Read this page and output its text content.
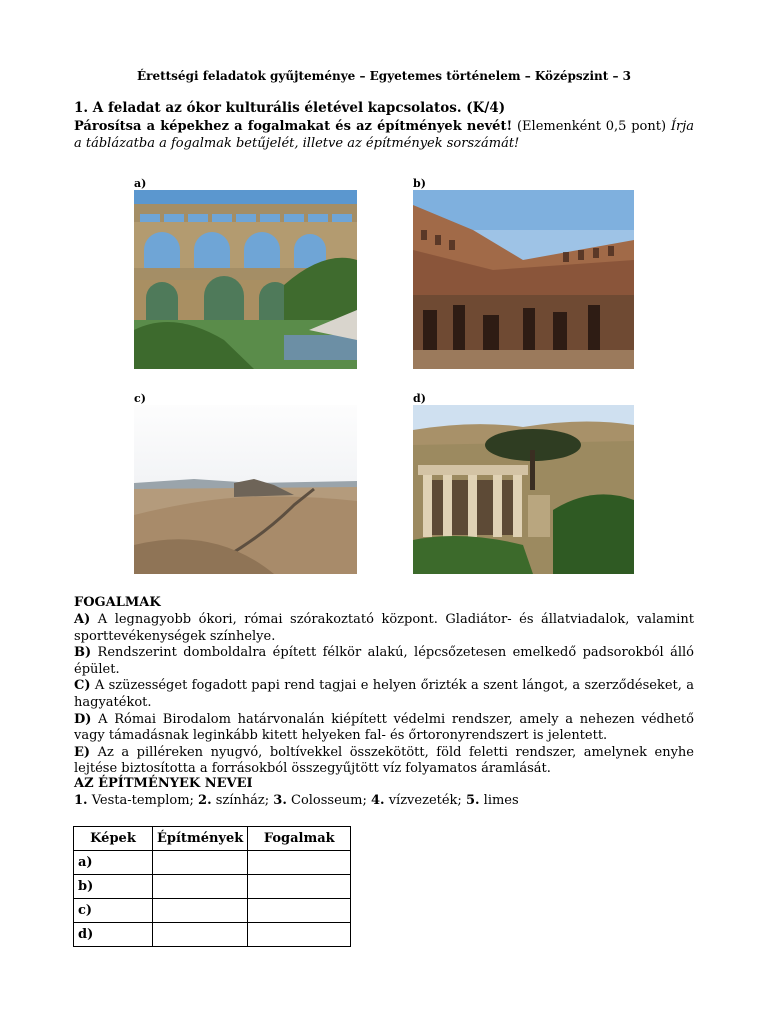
Érettségi feladatok gyűjteménye – Egyetemes történelem – Középszint – 3
1. A feladat az ókor kulturális életével kapcsolatos. (K/4)
Párosítsa a képekhez a fogalmakat és az építmények nevét! (Elemenként 0,5 pont) Írja a táblázatba a fogalmak betűjelét, illetve az építmények sorszámát!
a)	b)
c)	d)
FOGALMAK

A) A legnagyobb ókori, római szórakoztató központ. Gladiátor- és állatviadalok, valamint sporttevékenységek színhelye.

B) Rendszerint domboldalra épített félkör alakú, lépcsőzetesen emelkedő padsorokból álló épület.

C) A szüzességet fogadott papi rend tagjai e helyen őrizték a szent lángot, a szerződéseket, a hagyatékot.

D) A Római Birodalom határvonalán kiépített védelmi rendszer, amely a nehezen védhető vagy támadásnak leginkább kitett helyeken fal- és őrtoronyrendszert is jelentett.

E) Az a pilléreken nyugvó, boltívekkel összekötött, föld feletti rendszer, amelynek enyhe lejtése biztosította a forrásokból összegyűjtött víz folyamatos áramlását.

AZ ÉPÍTMÉNYEK NEVEI
1. Vesta-templom; 2. színház; 3. Colosseum; 4. vízvezeték; 5. limes
Képek	Építmények	Fogalmak
a)		
b)		
c)		
d)		
